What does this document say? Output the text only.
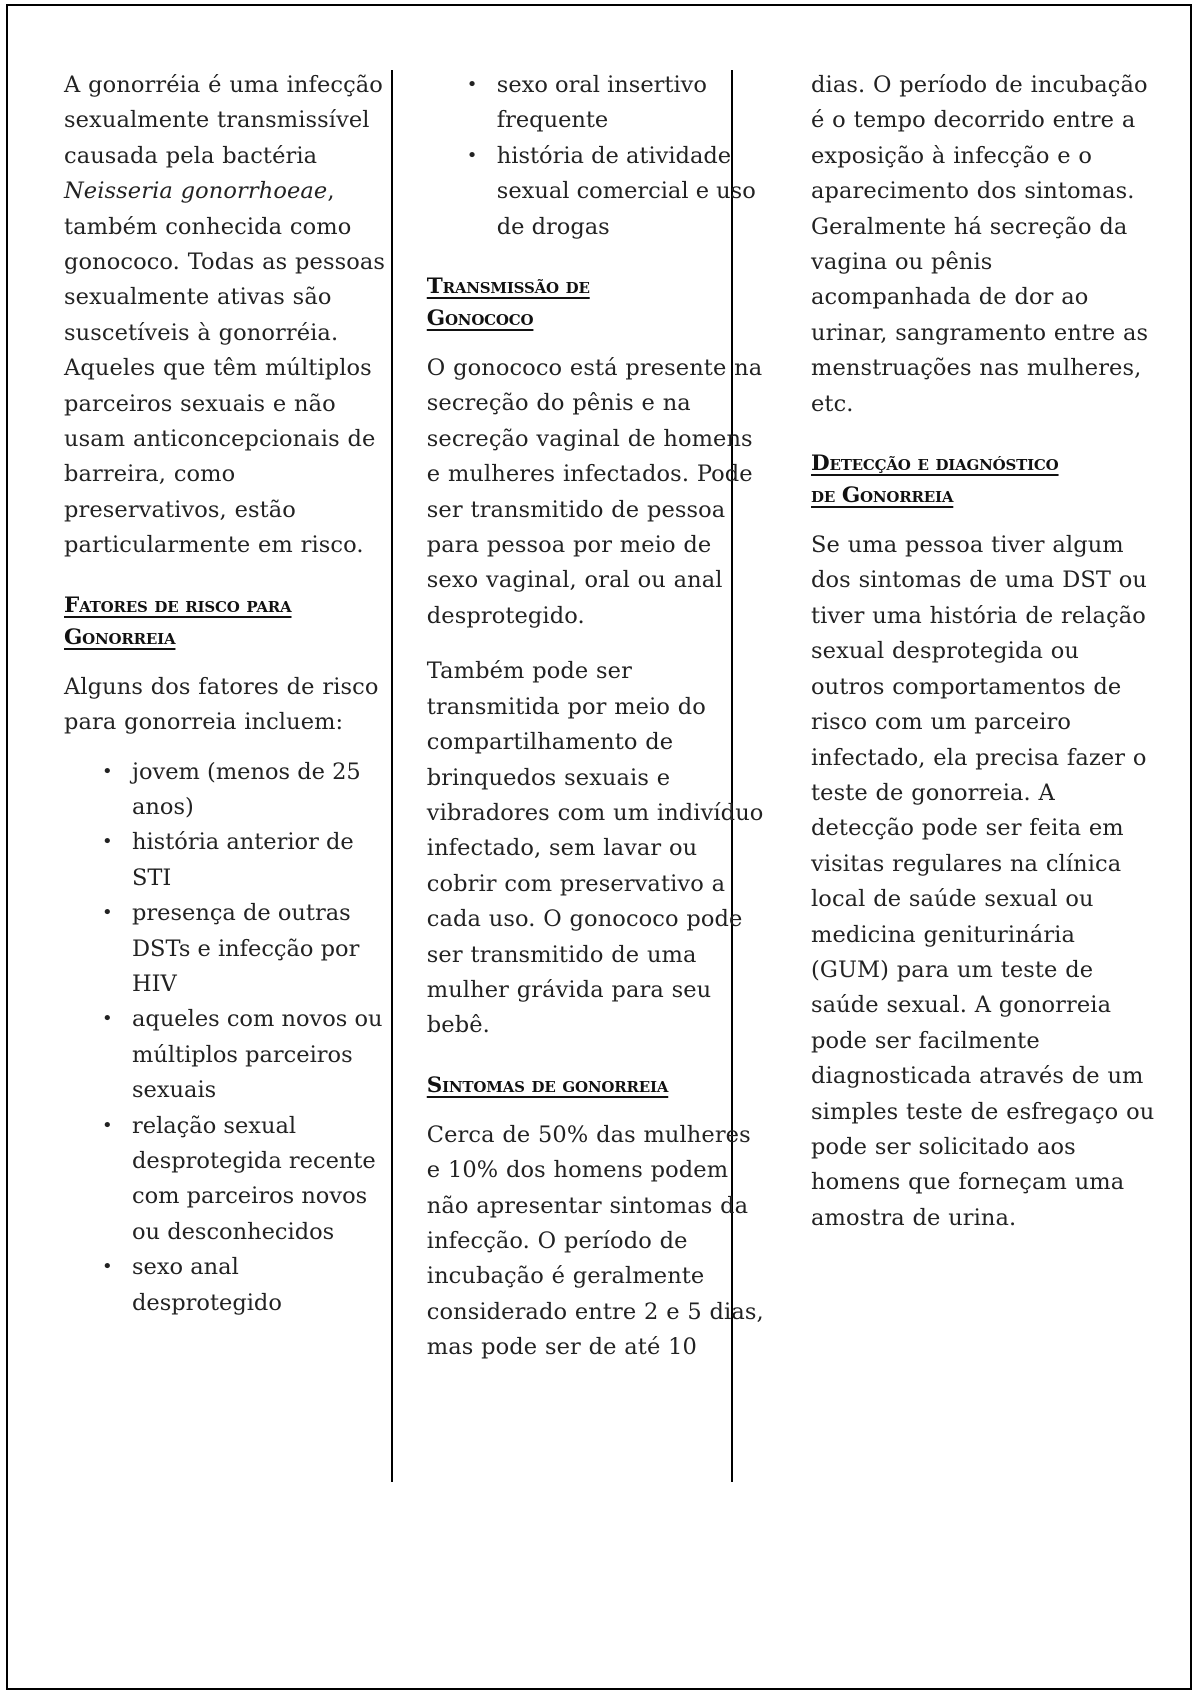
A gonorréia é uma infecção sexualmente transmissível causada pela bactéria Neisseria gonorrhoeae, também conhecida como gonococo. Todas as pessoas sexualmente ativas são suscetíveis à gonorréia. Aqueles que têm múltiplos parceiros sexuais e não usam anticoncepcionais de barreira, como preservativos, estão particularmente em risco.

Fatores de risco para
Gonorreia

Alguns dos fatores de risco para gonorreia incluem:

• jovem (menos de 25 anos)
• história anterior de STI
• presença de outras DSTs e infecção por HIV
• aqueles com novos ou múltiplos parceiros sexuais
• relação sexual desprotegida recente com parceiros novos ou desconhecidos
• sexo anal desprotegido
• sexo oral insertivo frequente
• história de atividade sexual comercial e uso de drogas
Transmissão de
Gonococo

O gonococo está presente na secreção do pênis e na secreção vaginal de homens e mulheres infectados. Pode ser transmitido de pessoa para pessoa por meio de sexo vaginal, oral ou anal desprotegido.

Também pode ser transmitida por meio do compartilhamento de brinquedos sexuais e vibradores com um indivíduo infectado, sem lavar ou cobrir com preservativo a cada uso. O gonococo pode ser transmitido de uma mulher grávida para seu bebê.

Sintomas de gonorreia

Cerca de 50% das mulheres e 10% dos homens podem não apresentar sintomas da infecção. O período de incubação é geralmente considerado entre 2 e 5 dias, mas pode ser de até 10

dias. O período de incubação é o tempo decorrido entre a exposição à infecção e o aparecimento dos sintomas. Geralmente há secreção da vagina ou pênis acompanhada de dor ao urinar, sangramento entre as menstruações nas mulheres, etc.

Detecção e diagnóstico
de Gonorreia

Se uma pessoa tiver algum dos sintomas de uma DST ou tiver uma história de relação sexual desprotegida ou outros comportamentos de risco com um parceiro infectado, ela precisa fazer o teste de gonorreia. A detecção pode ser feita em visitas regulares na clínica local de saúde sexual ou medicina geniturinária (GUM) para um teste de saúde sexual. A gonorreia pode ser facilmente diagnosticada através de um simples teste de esfregaço ou pode ser solicitado aos homens que forneçam uma amostra de urina.
